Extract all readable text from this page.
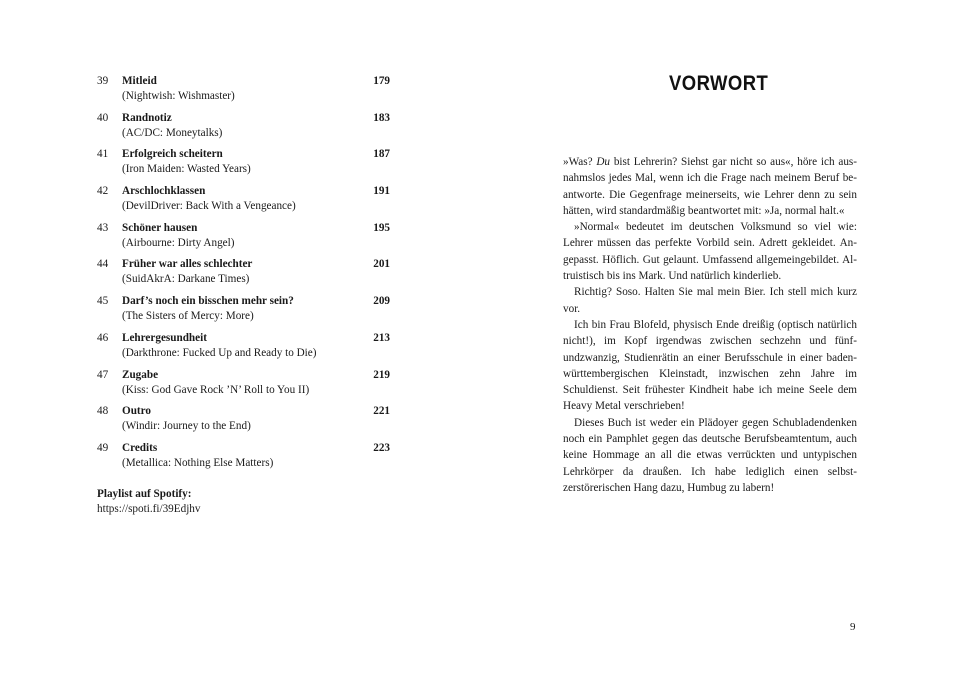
39	Mitleid
(Nightwish: Wishmaster)
179
40	Randnotiz
(AC/DC: Moneytalks)
183
41	Erfolgreich scheitern
(Iron Maiden: Wasted Years)
187
42	Arschlochklassen
(DevilDriver: Back With a Vengeance)
191
43	Schöner hausen
(Airbourne: Dirty Angel)
195
44	Früher war alles schlechter
(SuidAkrA: Darkane Times)
201
45	Darf’s noch ein bisschen mehr sein?
(The Sisters of Mercy: More)
209
46	Lehrergesundheit
(Darkthrone: Fucked Up and Ready to Die)
213
47	Zugabe
(Kiss: God Gave Rock ’N’ Roll to You II)
219
48	Outro
(Windir: Journey to the End)
221
49	Credits
(Metallica: Nothing Else Matters)
223
Playlist auf Spotify:
https://spoti.fi/39Edjhv
VORWORT

»Was? Du bist Lehrerin? Siehst gar nicht so aus«, höre ich ausnahmslos jedes Mal, wenn ich die Frage nach meinem Beruf beantworte. Die Gegenfrage meinerseits, wie Lehrer denn zu sein hätten, wird standardmäßig beantwortet mit: »Ja, normal halt.«

»Normal« bedeutet im deutschen Volksmund so viel wie: Lehrer müssen das perfekte Vorbild sein. Adrett gekleidet. Angepasst. Höflich. Gut gelaunt. Umfassend allgemeingebildet. Altruistisch bis ins Mark. Und natürlich kinderlieb.

Richtig? Soso. Halten Sie mal mein Bier. Ich stell mich kurz vor.

Ich bin Frau Blofeld, physisch Ende dreißig (optisch natürlich nicht!), im Kopf irgendwas zwischen sechzehn und fünfundzwanzig, Studienrätin an einer Berufsschule in einer baden-württembergischen Kleinstadt, inzwischen zehn Jahre im Schuldienst. Seit frühester Kindheit habe ich meine Seele dem Heavy Metal verschrieben!

Dieses Buch ist weder ein Plädoyer gegen Schubladendenken noch ein Pamphlet gegen das deutsche Berufsbeamtentum, auch keine Hommage an all die etwas verrückten und untypischen Lehrkörper da draußen. Ich habe lediglich einen selbstzerstörerischen Hang dazu, Humbug zu labern!

9
